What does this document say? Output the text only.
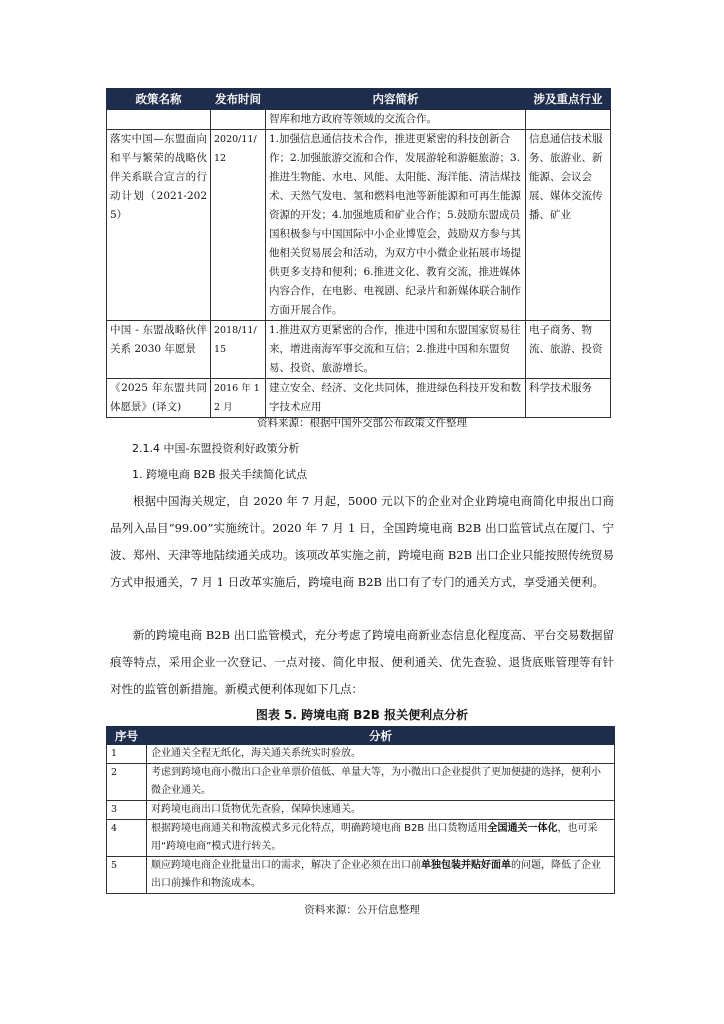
政策名称	发布时间	内容简析	涉及重点行业
		智库和地方政府等领域的交流合作。	
落实中国—东盟面向和平与繁荣的战略伙伴关系联合宣言的行动计划（2021-2025）	2020/11/12	1.加强信息通信技术合作，推进更紧密的科技创新合作；2.加强旅游交流和合作，发展游轮和游艇旅游；3.推进生物能、水电、风能、太阳能、海洋能、清洁煤技术、天然气发电、氢和燃料电池等新能源和可再生能源资源的开发；4.加强地质和矿业合作；5.鼓励东盟成员国积极参与中国国际中小企业博览会，鼓励双方参与其他相关贸易展会和活动，为双方中小微企业拓展市场提供更多支持和便利；6.推进文化、教育交流，推进媒体内容合作，在电影、电视剧、纪录片和新媒体联合制作方面开展合作。	信息通信技术服务、旅游业、新能源、会议会展、媒体交流传播、矿业
中国 - 东盟战略伙伴关系 2030 年愿景	2018/11/15	1.推进双方更紧密的合作，推进中国和东盟国家贸易往来，增进南海军事交流和互信；2.推进中国和东盟贸易、投资、旅游增长。	电子商务、物流、旅游、投资
《2025 年东盟共同体愿景》(译文)	2016 年 12 月	建立安全、经济、文化共同体，推进绿色科技开发和数字技术应用	科学技术服务
资料来源：根据中国外交部公布政策文件整理
2.1.4 中国-东盟投资利好政策分析
1. 跨境电商 B2B 报关手续简化试点
根据中国海关规定，自 2020 年 7 月起，5000 元以下的企业对企业跨境电商简化申报出口商品列入品目“99.00”实施统计。2020 年 7 月 1 日，全国跨境电商 B2B 出口监管试点在厦门、宁波、郑州、天津等地陆续通关成功。该项改革实施之前，跨境电商 B2B 出口企业只能按照传统贸易方式申报通关，7 月 1 日改革实施后，跨境电商 B2B 出口有了专门的通关方式，享受通关便利。
新的跨境电商 B2B 出口监管模式，充分考虑了跨境电商新业态信息化程度高、平台交易数据留痕等特点，采用企业一次登记、一点对接、简化申报、便利通关、优先查验、退货底账管理等有针对性的监管创新措施。新模式便利体现如下几点：
图表 5. 跨境电商 B2B 报关便利点分析
序号	分析
1	企业通关全程无纸化，海关通关系统实时验放。
2	考虑到跨境电商小微出口企业单票价值低、单量大等，为小微出口企业提供了更加便捷的选择，便利小微企业通关。
3	对跨境电商出口货物优先查验，保障快速通关。
4	根据跨境电商通关和物流模式多元化特点，明确跨境电商 B2B 出口货物适用全国通关一体化，也可采用“跨境电商”模式进行转关。
5	顺应跨境电商企业批量出口的需求，解决了企业必须在出口前单独包装并贴好面单的问题，降低了企业出口前操作和物流成本。
资料来源：公开信息整理
